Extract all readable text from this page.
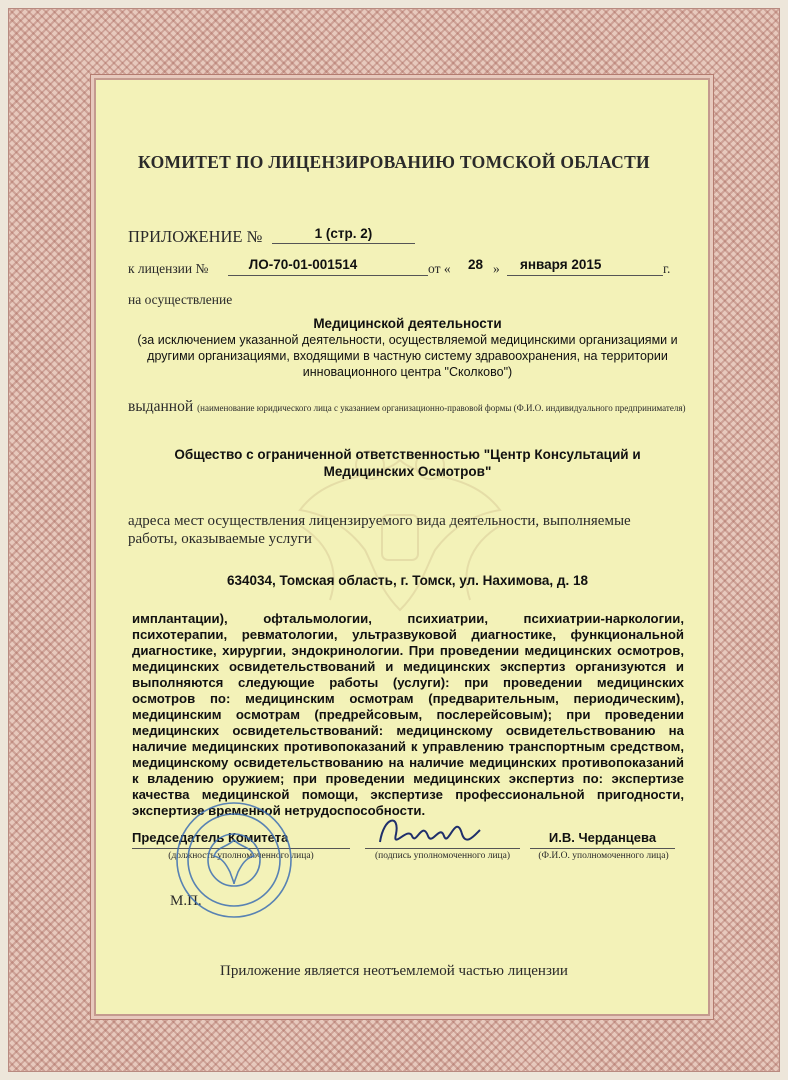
КОМИТЕТ ПО ЛИЦЕНЗИРОВАНИЮ ТОМСКОЙ ОБЛАСТИ
ПРИЛОЖЕНИЕ №	1 (стр. 2)
к лицензии №	ЛО-70-01-001514	от « 28 » января 2015	г.
на осуществление
Медицинской деятельности
(за исключением указанной деятельности, осуществляемой медицинскими организациями и другими организациями, входящими в частную систему здравоохранения, на территории инновационного центра "Сколково")
выданной (наименование юридического лица с указанием организационно-правовой формы (Ф.И.О. индивидуального предпринимателя)
Общество с ограниченной ответственностью "Центр Консультаций и Медицинских Осмотров"
адреса мест осуществления лицензируемого вида деятельности, выполняемые работы, оказываемые услуги
634034, Томская область, г. Томск, ул. Нахимова, д. 18
имплантации), офтальмологии, психиатрии, психиатрии-наркологии, психотерапии, ревматологии, ультразвуковой диагностике, функциональной диагностике, хирургии, эндокринологии. При проведении медицинских осмотров, медицинских освидетельствований и медицинских экспертиз организуются и выполняются следующие работы (услуги): при проведении медицинских осмотров по: медицинским осмотрам (предварительным, периодическим), медицинским осмотрам (предрейсовым, послерейсовым); при проведении медицинских освидетельствований: медицинскому освидетельствованию на наличие медицинских противопоказаний к управлению транспортным средством, медицинскому освидетельствованию на наличие медицинских противопоказаний к владению оружием; при проведении медицинских экспертиз по: экспертизе качества медицинской помощи, экспертизе профессиональной пригодности, экспертизе временной нетрудоспособности.
Председатель Комитета
(должность уполномоченного лица)	(подпись уполномоченного лица)
И.В. Черданцева
(Ф.И.О. уполномоченного лица)
М.П.
Приложение является неотъемлемой частью лицензии
